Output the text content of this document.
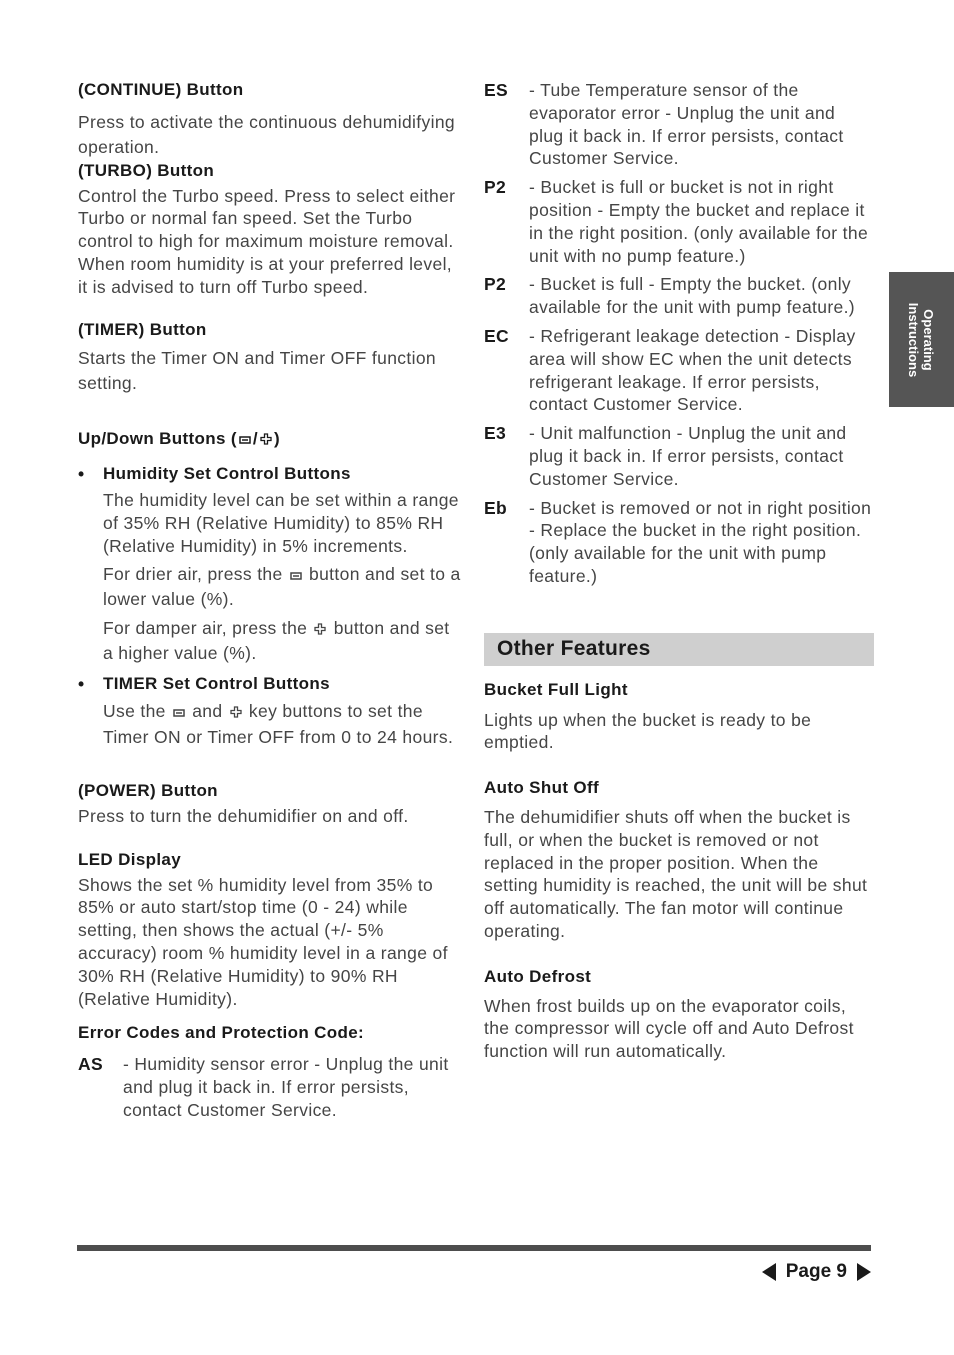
(CONTINUE) Button

Press to activate the continuous dehumidifying operation.

(TURBO) Button

Control the Turbo speed. Press to select either Turbo or normal fan speed. Set the Turbo control to high for maximum moisture removal. When room humidity is at your preferred level, it is advised to turn off Turbo speed.

(TIMER) Button

Starts the Timer ON and Timer OFF function setting.

Up/Down Buttons ( / )

• Humidity Set Control Buttons

The humidity level can be set within a range of 35% RH (Relative Humidity) to 85% RH (Relative Humidity) in 5% increments.

For drier air, press the button and set to a lower value (%).

For damper air, press the button and set a higher value (%).

• TIMER Set Control Buttons

Use the and key buttons to set the Timer ON or Timer OFF from 0 to 24 hours.

(POWER) Button

Press to turn the dehumidifier on and off.

LED Display

Shows the set % humidity level from 35% to 85% or auto start/stop time (0 - 24) while setting, then shows the actual (+/- 5% accuracy) room % humidity level in a range of 30% RH (Relative Humidity) to 90% RH (Relative Humidity).

Error Codes and Protection Code:

AS - Humidity sensor error - Unplug the unit and plug it back in. If error persists, contact Customer Service.
ES - Tube Temperature sensor of the evaporator error - Unplug the unit and plug it back in. If error persists, contact Customer Service.
P2 - Bucket is full or bucket is not in right position - Empty the bucket and replace it in the right position. (only available for the unit with no pump feature.)
P2 - Bucket is full - Empty the bucket. (only available for the unit with pump feature.)
EC - Refrigerant leakage detection - Display area will show EC when the unit detects refrigerant leakage. If error persists, contact Customer Service.
E3 - Unit malfunction - Unplug the unit and plug it back in. If error persists, contact Customer Service.
Eb - Bucket is removed or not in right position - Replace the bucket in the right position. (only available for the unit with pump feature.)
Other Features

Bucket Full Light

Lights up when the bucket is ready to be emptied.

Auto Shut Off

The dehumidifier shuts off when the bucket is full, or when the bucket is removed or not replaced in the proper position. When the setting humidity is reached, the unit will be shut off automatically. The fan motor will continue operating.

Auto Defrost

When frost builds up on the evaporator coils, the compressor will cycle off and Auto Defrost function will run automatically.

Operating
Instructions
Page 9
